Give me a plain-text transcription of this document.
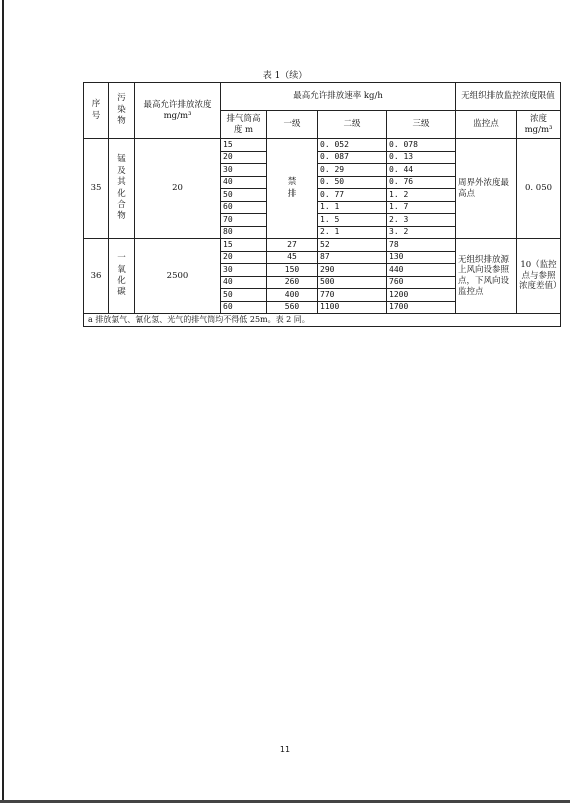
表 1（续）
序号	污染物	最高允许排放浓度 mg/m³	最高允许排放速率 kg/h				无组织排放监控浓度限值	
			排气筒高度 m	一级	二级	三级	监控点	浓度 mg/m³
35	锰及其化合物	20	15	禁排	0. 052	0. 078	周界外浓度最高点	0. 050
			20		0. 087	0. 13		
			30		0. 29	0. 44		
			40		0. 50	0. 76		
			50		0. 77	1. 2		
			60		1. 1	1. 7		
			70		1. 5	2. 3		
			80		2. 1	3. 2		
36	一氧化碳	2500	15	27	52	78	无组织排放源上风向设参照点，下风向设监控点	10（监控点与参照浓度差值）
			20	45	87	130		
			30	150	290	440		
			40	260	500	760		
			50	400	770	1200		
			60	560	1100	1700		
a 排放氯气、氰化氢、光气的排气筒均不得低 25m。表 2 同。								
11
